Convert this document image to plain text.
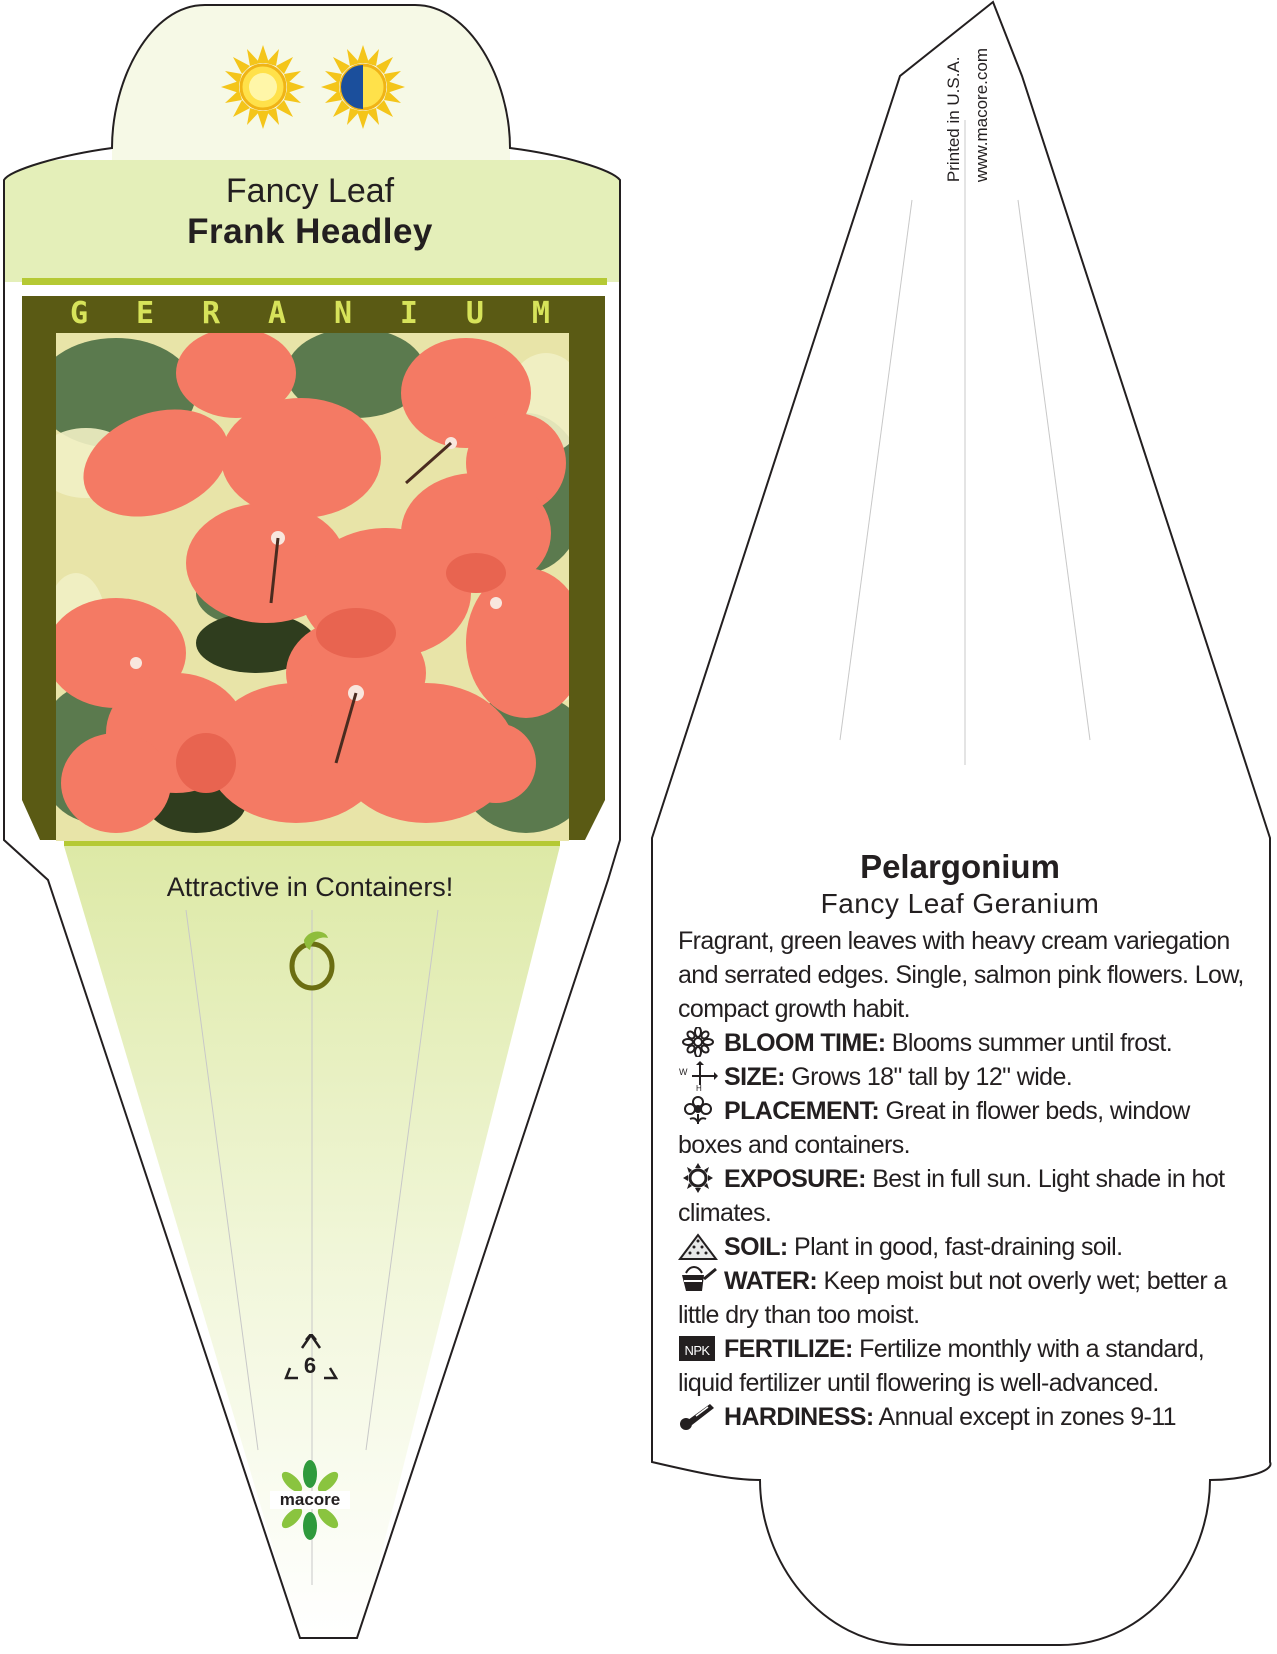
Fancy Leaf
Frank Headley
G E R A N I U M
Attractive in Containers!
6
macore
Printed in U.S.A. www.macore.com
Pelargonium
Fancy Leaf Geranium

Fragrant, green leaves with heavy cream variegation and serrated edges. Single, salmon pink flowers. Low, compact growth habit.

BLOOM TIME: Blooms summer until frost.

W
H SIZE: Grows 18" tall by 12" wide.

PLACEMENT: Great in flower beds, window boxes and containers.

EXPOSURE: Best in full sun. Light shade in hot climates.

SOIL: Plant in good, fast-draining soil.

WATER: Keep moist but not overly wet; better a little dry than too moist.

NPK FERTILIZE: Fertilize monthly with a standard, liquid fertilizer until flowering is well-advanced.

HARDINESS: Annual except in zones 9-11
